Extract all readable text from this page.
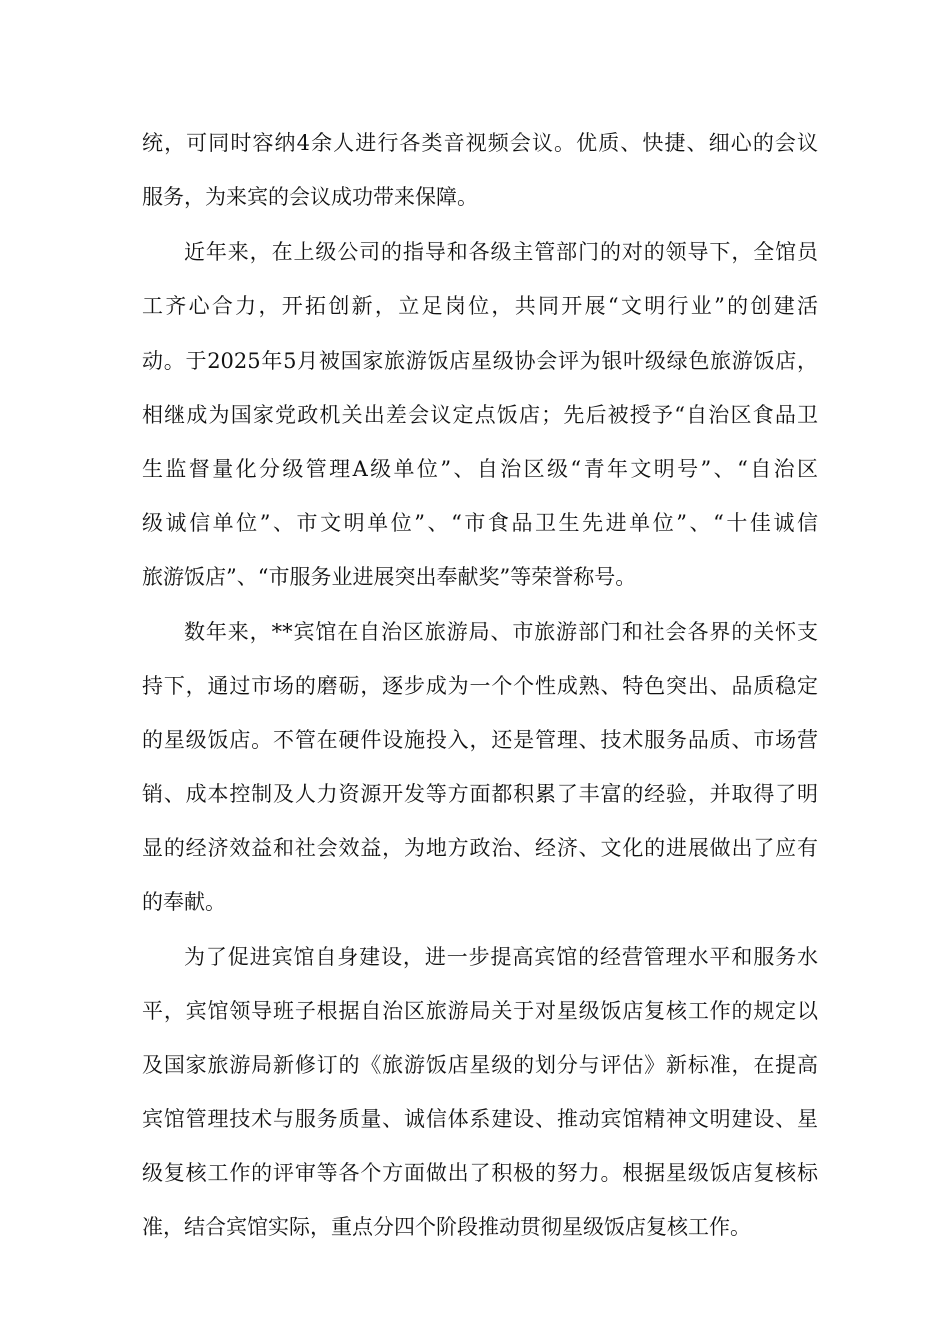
统，可同时容纳4余人进行各类音视频会议。优质、快捷、细心的会议
服务，为来宾的会议成功带来保障。
近年来，在上级公司的指导和各级主管部门的对的领导下，全馆员
工齐心合力，开拓创新，立足岗位，共同开展“文明行业”的创建活
动。于2025年5月被国家旅游饭店星级协会评为银叶级绿色旅游饭店，
相继成为国家党政机关出差会议定点饭店；先后被授予“自治区食品卫
生监督量化分级管理A级单位”、自治区级“青年文明号”、“自治区
级诚信单位”、市文明单位”、“市食品卫生先进单位”、“十佳诚信
旅游饭店”、“市服务业进展突出奉献奖”等荣誉称号。
数年来，**宾馆在自治区旅游局、市旅游部门和社会各界的关怀支
持下，通过市场的磨砺，逐步成为一个个性成熟、特色突出、品质稳定
的星级饭店。不管在硬件设施投入，还是管理、技术服务品质、市场营
销、成本控制及人力资源开发等方面都积累了丰富的经验，并取得了明
显的经济效益和社会效益，为地方政治、经济、文化的进展做出了应有
的奉献。
为了促进宾馆自身建设，进一步提高宾馆的经营管理水平和服务水
平，宾馆领导班子根据自治区旅游局关于对星级饭店复核工作的规定以
及国家旅游局新修订的《旅游饭店星级的划分与评估》新标准，在提高
宾馆管理技术与服务质量、诚信体系建设、推动宾馆精神文明建设、星
级复核工作的评审等各个方面做出了积极的努力。根据星级饭店复核标
准，结合宾馆实际，重点分四个阶段推动贯彻星级饭店复核工作。
